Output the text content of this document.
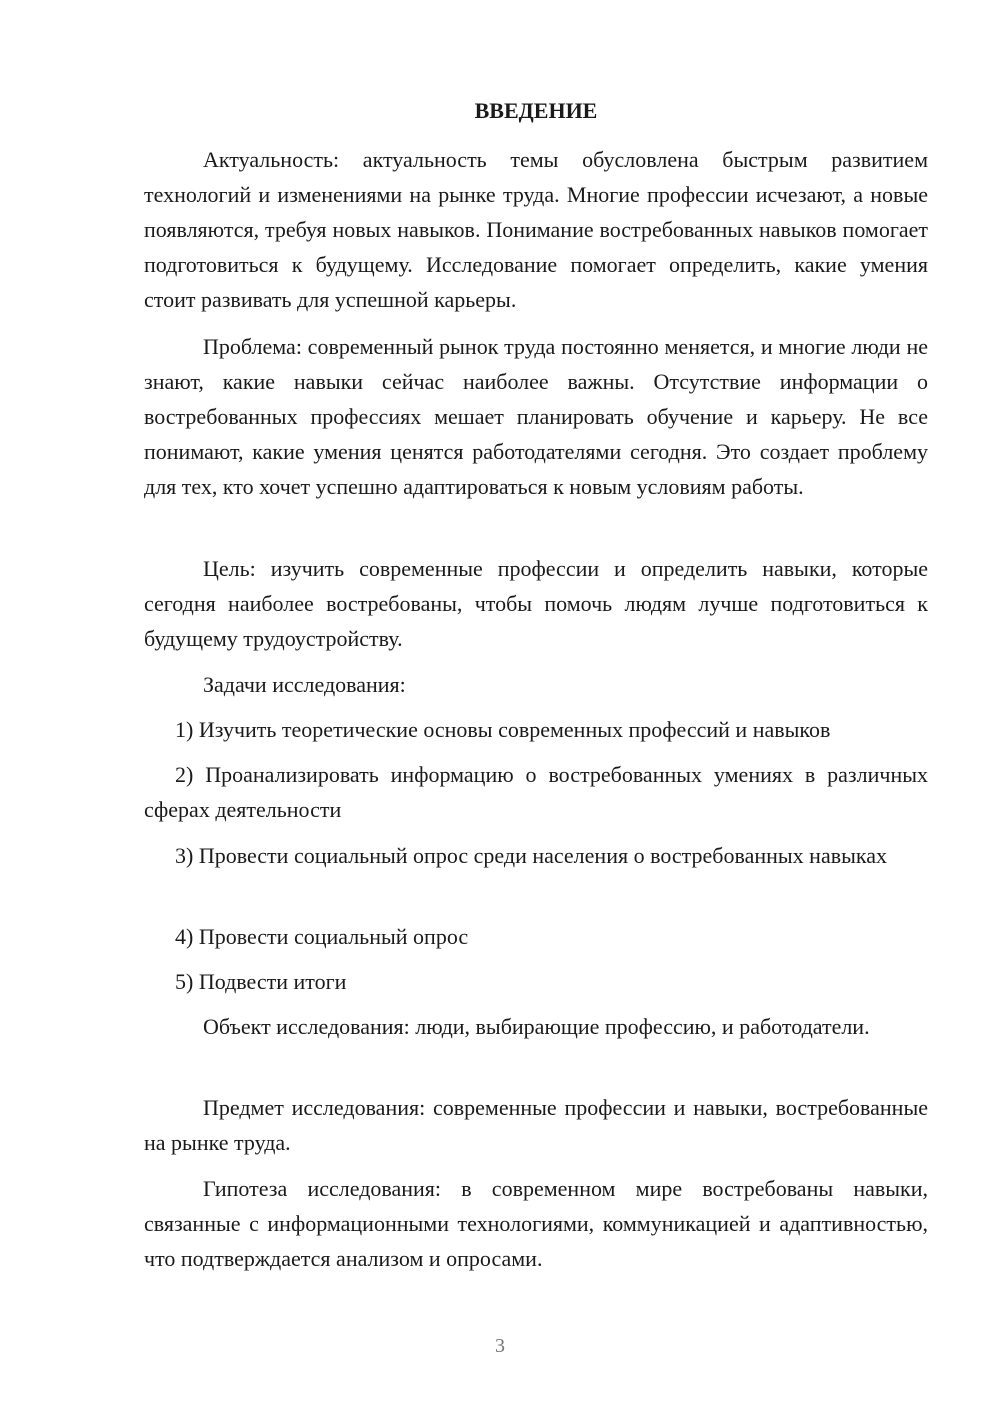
ВВЕДЕНИЕ

Актуальность: актуальность темы обусловлена быстрым развитием технологий и изменениями на рынке труда. Многие профессии исчезают, а новые появляются, требуя новых навыков. Понимание востребованных навыков помогает подготовиться к будущему. Исследование помогает определить, какие умения стоит развивать для успешной карьеры.

Проблема: современный рынок труда постоянно меняется, и многие люди не знают, какие навыки сейчас наиболее важны. Отсутствие информации о востребованных профессиях мешает планировать обучение и карьеру. Не все понимают, какие умения ценятся работодателями сегодня. Это создает проблему для тех, кто хочет успешно адаптироваться к новым условиям работы.

Цель: изучить современные профессии и определить навыки, которые сегодня наиболее востребованы, чтобы помочь людям лучше подготовиться к будущему трудоустройству.

Задачи исследования:

1) Изучить теоретические основы современных профессий и навыков

2) Проанализировать информацию о востребованных умениях в различных сферах деятельности

3) Провести социальный опрос среди населения о востребованных навыках

4) Провести социальный опрос

5) Подвести итоги

Объект исследования: люди, выбирающие профессию, и работодатели.

Предмет исследования: современные профессии и навыки, востребованные на рынке труда.

Гипотеза исследования: в современном мире востребованы навыки, связанные с информационными технологиями, коммуникацией и адаптивностью, что подтверждается анализом и опросами.

3
